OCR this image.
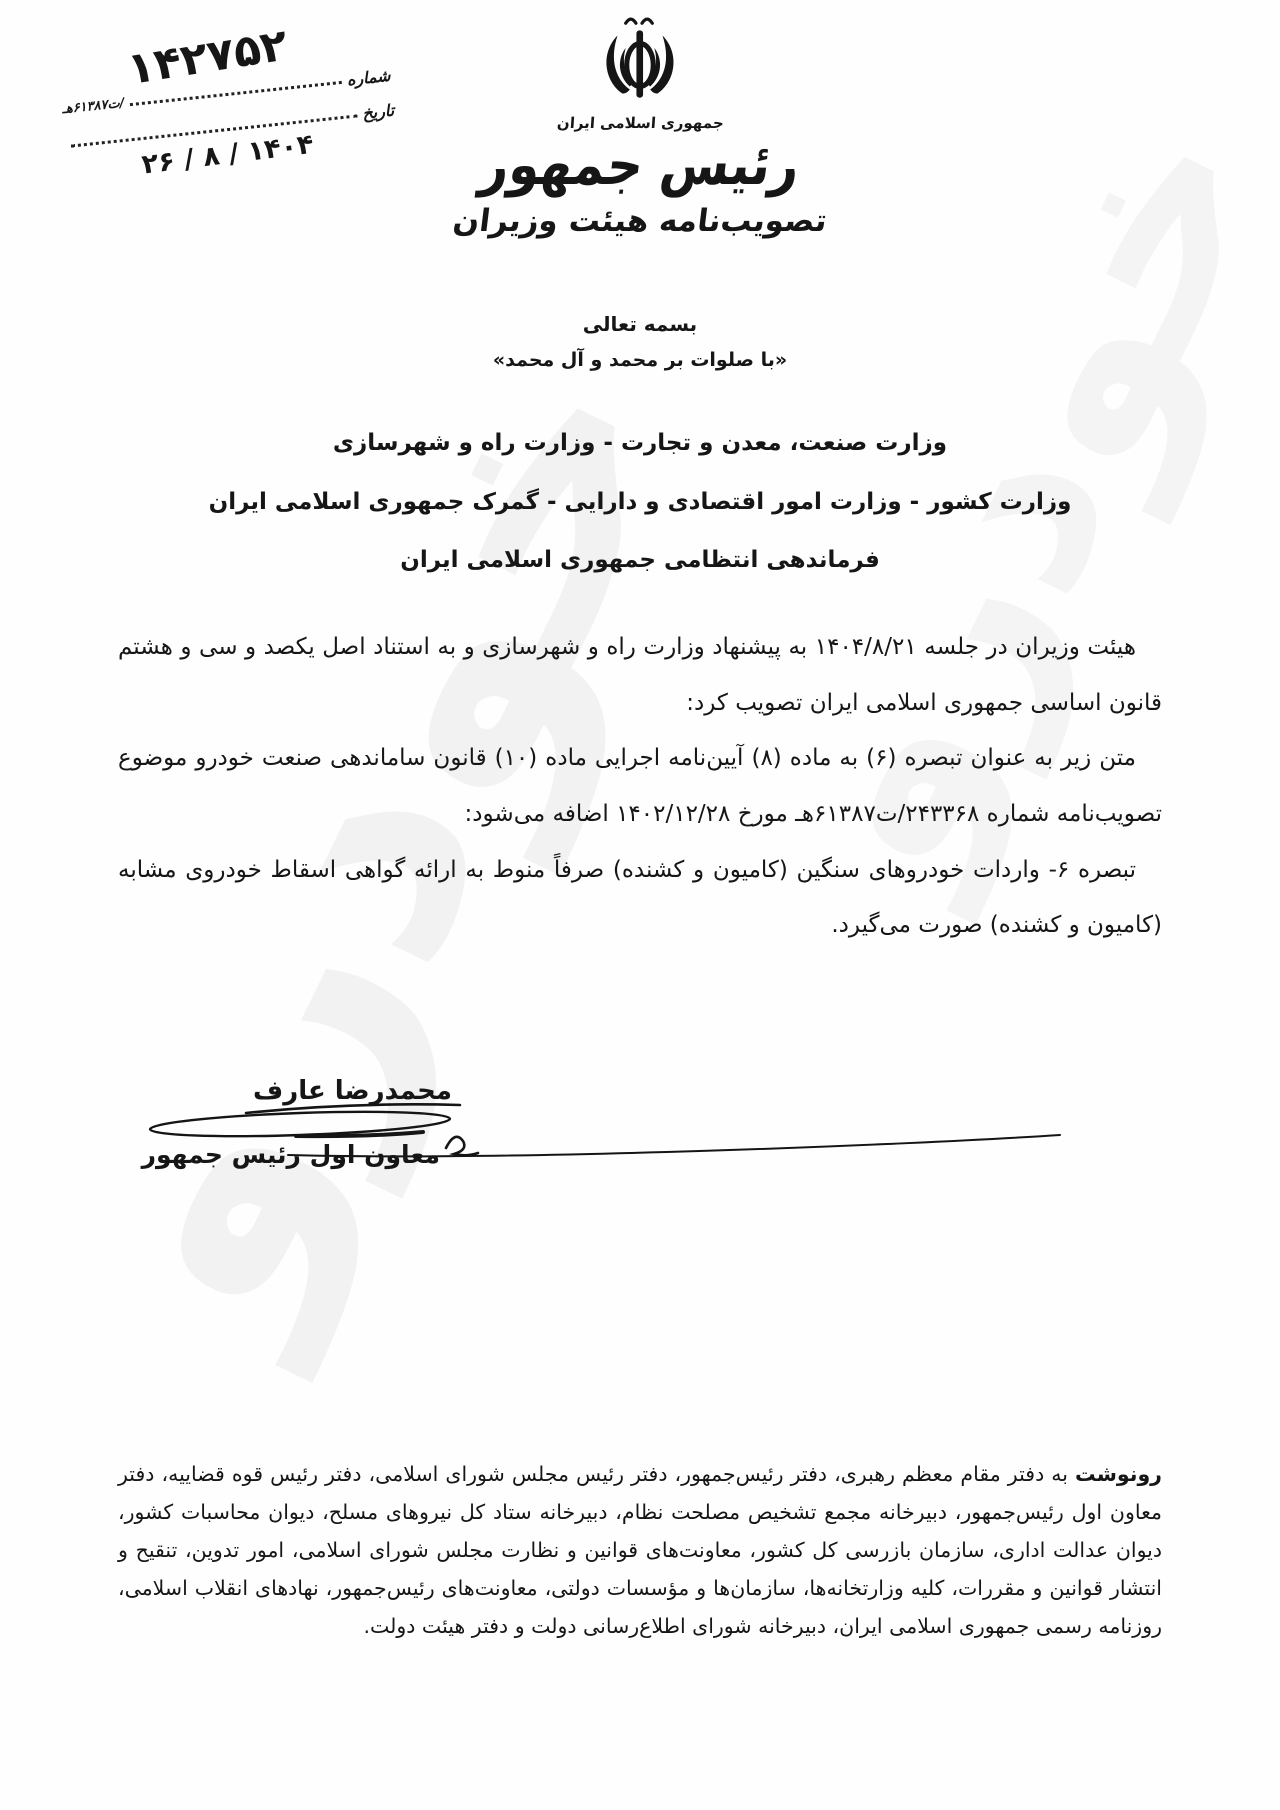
۱۴۲۷۵۲	شماره
/ت۶۱۳۸۷هـ	تاریخ
۱۴۰۴ / ۸ / ۲۶
جمهوری اسلامی ایران
رئیس جمهور
تصویب‌نامه هیئت وزیران
بسمه تعالی
«با صلوات بر محمد و آل محمد»
وزارت صنعت، معدن و تجارت - وزارت راه و شهرسازی
وزارت کشور - وزارت امور اقتصادی و دارایی - گمرک جمهوری اسلامی ایران
فرماندهی انتظامی جمهوری اسلامی ایران

هیئت وزیران در جلسه ۱۴۰۴/۸/۲۱ به پیشنهاد وزارت راه و شهرسازی و به استناد اصل یکصد و سی و هشتم قانون اساسی جمهوری اسلامی ایران تصویب کرد:

متن زیر به عنوان تبصره (۶) به ماده (۸) آیین‌نامه اجرایی ماده (۱۰) قانون ساماندهی صنعت خودرو موضوع تصویب‌نامه شماره ۲۴۳۳۶۸/ت۶۱۳۸۷هـ مورخ ۱۴۰۲/۱۲/۲۸ اضافه می‌شود:

تبصره ۶- واردات خودروهای سنگین (کامیون و کشنده) صرفاً منوط به ارائه گواهی اسقاط خودروی مشابه (کامیون و کشنده) صورت می‌گیرد.

محمدرضا عارف
معاون اول رئیس جمهور

رونوشت به دفتر مقام معظم رهبری، دفتر رئیس‌جمهور، دفتر رئیس مجلس شورای اسلامی، دفتر رئیس قوه قضاییه، دفتر معاون اول رئیس‌جمهور، دبیرخانه مجمع تشخیص مصلحت نظام، دبیرخانه ستاد کل نیروهای مسلح، دیوان محاسبات کشور، دیوان عدالت اداری، سازمان بازرسی کل کشور، معاونت‌های قوانین و نظارت مجلس شورای اسلامی، امور تدوین، تنقیح و انتشار قوانین و مقررات، کلیه وزارتخانه‌ها، سازمان‌ها و مؤسسات دولتی، معاونت‌های رئیس‌جمهور، نهادهای انقلاب اسلامی، روزنامه رسمی جمهوری اسلامی ایران، دبیرخانه شورای اطلاع‌رسانی دولت و دفتر هیئت دولت.
